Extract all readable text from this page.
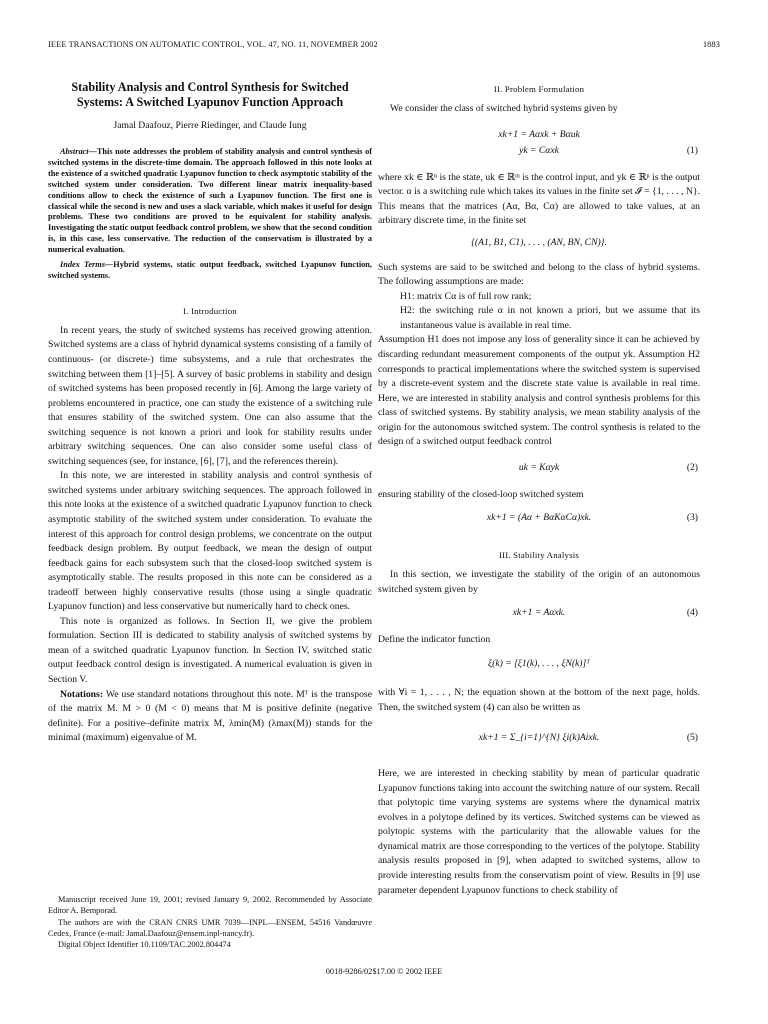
IEEE TRANSACTIONS ON AUTOMATIC CONTROL, VOL. 47, NO. 11, NOVEMBER 2002	1883
Stability Analysis and Control Synthesis for Switched Systems: A Switched Lyapunov Function Approach
Jamal Daafouz, Pierre Riedinger, and Claude Iung
Abstract—This note addresses the problem of stability analysis and control synthesis of switched systems in the discrete-time domain. The approach followed in this note looks at the existence of a switched quadratic Lyapunov function to check asymptotic stability of the switched system under consideration. Two different linear matrix inequality-based conditions allow to check the existence of such a Lyapunov function. The first one is classical while the second is new and uses a slack variable, which makes it useful for design problems. These two conditions are proved to be equivalent for stability analysis. Investigating the static output feedback control problem, we show that the second condition is, in this case, less conservative. The reduction of the conservatism is illustrated by a numerical evaluation.
Index Terms—Hybrid systems, static output feedback, switched Lyapunov function, switched systems.
I. Introduction

In recent years, the study of switched systems has received growing attention. Switched systems are a class of hybrid dynamical systems consisting of a family of continuous- (or discrete-) time subsystems, and a rule that orchestrates the switching between them [1]–[5]. A survey of basic problems in stability and design of switched systems has been proposed recently in [6]. Among the large variety of problems encountered in practice, one can study the existence of a switching rule that ensures stability of the switched system. One can also assume that the switching sequence is not known a priori and look for stability results under arbitrary switching sequences. One can also consider some useful class of switching sequences (see, for instance, [6], [7], and the references therein).

In this note, we are interested in stability analysis and control synthesis of switched systems under arbitrary switching sequences. The approach followed in this note looks at the existence of a switched quadratic Lyapunov function to check asymptotic stability of the switched system under consideration. To evaluate the interest of this approach for control design problems, we concentrate on the output feedback design problem. By output feedback, we mean the design of output feedback gains for each subsystem such that the closed-loop switched system is asymptotically stable. The results proposed in this note can be considered as a tradeoff between highly conservative results (those using a single quadratic Lyapunov function) and less conservative but numerically hard to check ones.

This note is organized as follows. In Section II, we give the problem formulation. Section III is dedicated to stability analysis of switched systems by mean of a switched quadratic Lyapunov function. In Section IV, switched static output feedback control design is investigated. A numerical evaluation is given in Section V.

Notations: We use standard notations throughout this note. Mᵀ is the transpose of the matrix M. M > 0 (M < 0) means that M is positive definite (negative definite). For a positive–definite matrix M, λmin(M) (λmax(M)) stands for the minimal (maximum) eigenvalue of M.

Manuscript received June 19, 2001; revised January 9, 2002. Recommended by Associate Editor A. Bemporad.

The authors are with the CRAN CNRS UMR 7039—INPL—ENSEM, 54516 Vandœuvre Cedex, France (e-mail: Jamal.Daafouz@ensem.inpl-nancy.fr).

Digital Object Identifier 10.1109/TAC.2002.804474

II. Problem Formulation

We consider the class of switched hybrid systems given by

xk+1 = Aαxk + Bαuk
yk = Cαxk	(1)

where xk ∈ ℝⁿ is the state, uk ∈ ℝᵐ is the control input, and yk ∈ ℝᵖ is the output vector. α is a switching rule which takes its values in the finite set 𝓘 = {1, . . . , N}. This means that the matrices (Aα, Bα, Cα) are allowed to take values, at an arbitrary discrete time, in the finite set

{(A1, B1, C1), . . . , (AN, BN, CN)}.

Such systems are said to be switched and belong to the class of hybrid systems. The following assumptions are made:

H1: matrix Cα is of full row rank;

H2: the switching rule α in not known a priori, but we assume that its instantaneous value is available in real time.

Assumption H1 does not impose any loss of generality since it can be achieved by discarding redundant measurement components of the output yk. Assumption H2 corresponds to practical implementations where the switched system is supervised by a discrete-event system and the discrete state value is available in real time. Here, we are interested in stability analysis and control synthesis problems for this class of switched systems. By stability analysis, we mean stability analysis of the origin for the autonomous switched system. The control synthesis is related to the design of a switched output feedback control

uk = Kαyk	(2)

ensuring stability of the closed-loop switched system

xk+1 = (Aα + BαKαCα)xk.	(3)
III. Stability Analysis

In this section, we investigate the stability of the origin of an autonomous switched system given by

xk+1 = Aαxk.	(4)

Define the indicator function

ξ(k) = [ξ1(k), . . . , ξN(k)]ᵀ

with ∀i = 1, . . . , N; the equation shown at the bottom of the next page, holds. Then, the switched system (4) can also be written as

xk+1 = Σ_{i=1}^{N} ξi(k)Aixk.	(5)

Here, we are interested in checking stability by mean of particular quadratic Lyapunov functions taking into account the switching nature of our system. Recall that polytopic time varying systems are systems where the dynamical matrix evolves in a polytope defined by its vertices. Switched systems can be viewed as polytopic systems with the particularity that the allowable values for the dynamical matrix are those corresponding to the vertices of the polytope. Stability analysis results proposed in [9], when adapted to switched systems, allow to provide interesting results from the conservatism point of view. Results in [9] use parameter dependent Lyapunov functions to check stability of

0018-9286/02$17.00 © 2002 IEEE
